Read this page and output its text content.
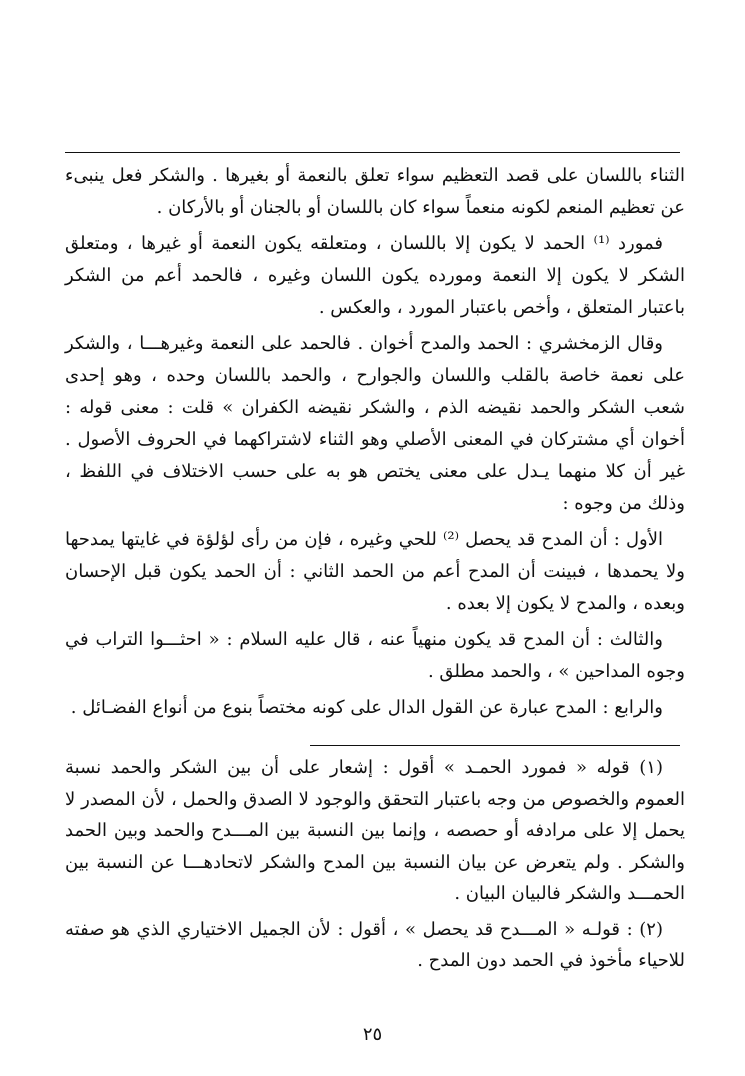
الثناء باللسان على قصد التعظيم سواء تعلق بالنعمة أو بغيرها . والشكر فعل ينبىء عن تعظيم المنعم لكونه منعماً سواء كان باللسان أو بالجنان أو بالأركان .

فمورد ⁽¹⁾ الحمد لا يكون إلا باللسان ، ومتعلقه يكون النعمة أو غيرها ، ومتعلق الشكر لا يكون إلا النعمة ومورده يكون اللسان وغيره ، فالحمد أعم من الشكر باعتبار المتعلق ، وأخص باعتبار المورد ، والعكس .

وقال الزمخشري : الحمد والمدح أخوان . فالحمد على النعمة وغيرهـــا ، والشكر على نعمة خاصة بالقلب واللسان والجوارح ، والحمد باللسان وحده ، وهو إحدى شعب الشكر والحمد نقيضه الذم ، والشكر نقيضه الكفران » قلت : معنى قوله : أخوان أي مشتركان في المعنى الأصلي وهو الثناء لاشتراكهما في الحروف الأصول . غير أن كلا منهما يـدل على معنى يختص هو به على حسب الاختلاف في اللفظ ، وذلك من وجوه :

الأول : أن المدح قد يحصل ⁽²⁾ للحي وغيره ، فإن من رأى لؤلؤة في غايتها يمدحها ولا يحمدها ، فبينت أن المدح أعم من الحمد الثاني : أن الحمد يكون قبل الإحسان وبعده ، والمدح لا يكون إلا بعده .

والثالث : أن المدح قد يكون منهياً عنه ، قال عليه السلام : « احثـــوا التراب في وجوه المداحين » ، والحمد مطلق .

والرابع : المدح عبارة عن القول الدال على كونه مختصاً بنوع من أنواع الفضـائل .

(١) قوله « فمورد الحمـد » أقول : إشعار على أن بين الشكر والحمد نسبة العموم والخصوص من وجه باعتبار التحقق والوجود لا الصدق والحمل ، لأن المصدر لا يحمل إلا على مرادفه أو حصصه ، وإنما بين النسبة بين المـــدح والحمد وبين الحمد والشكر . ولم يتعرض عن بيان النسبة بين المدح والشكر لاتحادهـــا عن النسبة بين الحمـــد والشكر فالبيان البيان .

(٢) : قولـه « المـــدح قد يحصل » ، أقول : لأن الجميل الاختياري الذي هو صفته للاحياء مأخوذ في الحمد دون المدح .

٢٥
